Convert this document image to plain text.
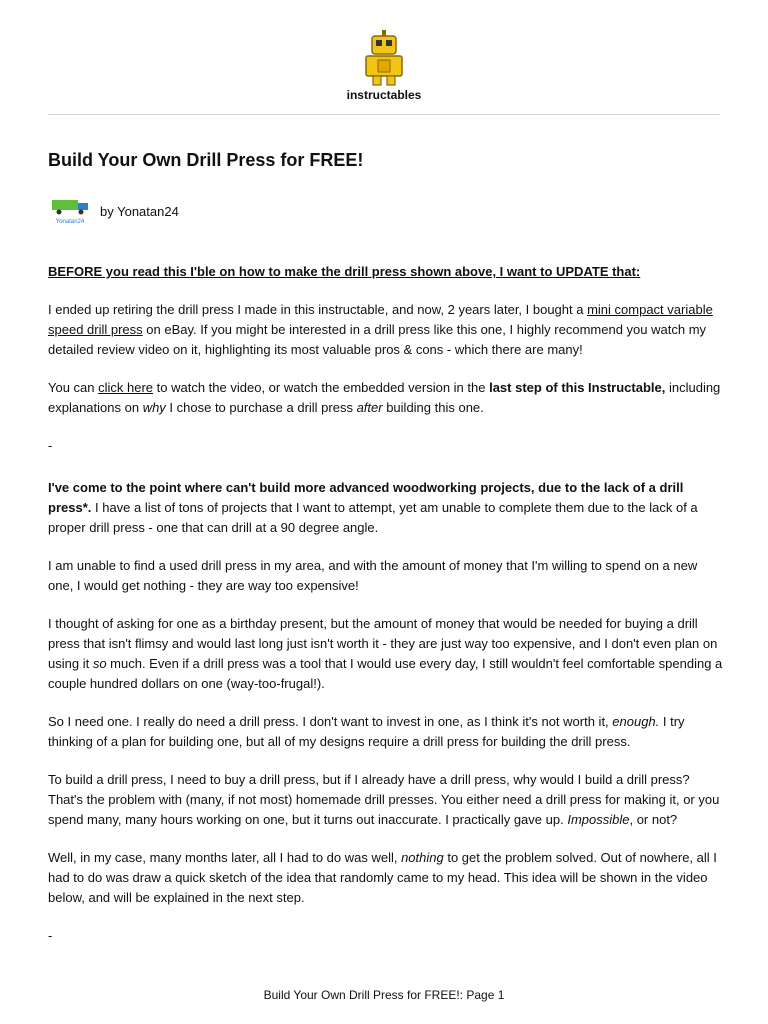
instructables
Build Your Own Drill Press for FREE!
Yonatan24
by Yonatan24

BEFORE you read this I'ble on how to make the drill press shown above, I want to UPDATE that:

I ended up retiring the drill press I made in this instructable, and now, 2 years later, I bought a mini compact variable speed drill press on eBay. If you might be interested in a drill press like this one, I highly recommend you watch my detailed review video on it, highlighting its most valuable pros & cons - which there are many!

You can click here to watch the video, or watch the embedded version in the last step of this Instructable, including explanations on why I chose to purchase a drill press after building this one.

-

I've come to the point where can't build more advanced woodworking projects, due to the lack of a drill press*. I have a list of tons of projects that I want to attempt, yet am unable to complete them due to the lack of a proper drill press - one that can drill at a 90 degree angle.

I am unable to find a used drill press in my area, and with the amount of money that I'm willing to spend on a new one, I would get nothing - they are way too expensive!

I thought of asking for one as a birthday present, but the amount of money that would be needed for buying a drill press that isn't flimsy and would last long just isn't worth it - they are just way too expensive, and I don't even plan on using it so much. Even if a drill press was a tool that I would use every day, I still wouldn't feel comfortable spending a couple hundred dollars on one (way-too-frugal!).

So I need one. I really do need a drill press. I don't want to invest in one, as I think it's not worth it, enough. I try thinking of a plan for building one, but all of my designs require a drill press for building the drill press.

To build a drill press, I need to buy a drill press, but if I already have a drill press, why would I build a drill press? That's the problem with (many, if not most) homemade drill presses. You either need a drill press for making it, or you spend many, many hours working on one, but it turns out inaccurate. I practically gave up. Impossible, or not?

Well, in my case, many months later, all I had to do was well, nothing to get the problem solved. Out of nowhere, all I had to do was draw a quick sketch of the idea that randomly came to my head. This idea will be shown in the video below, and will be explained in the next step.

-

Build Your Own Drill Press for FREE!: Page 1
